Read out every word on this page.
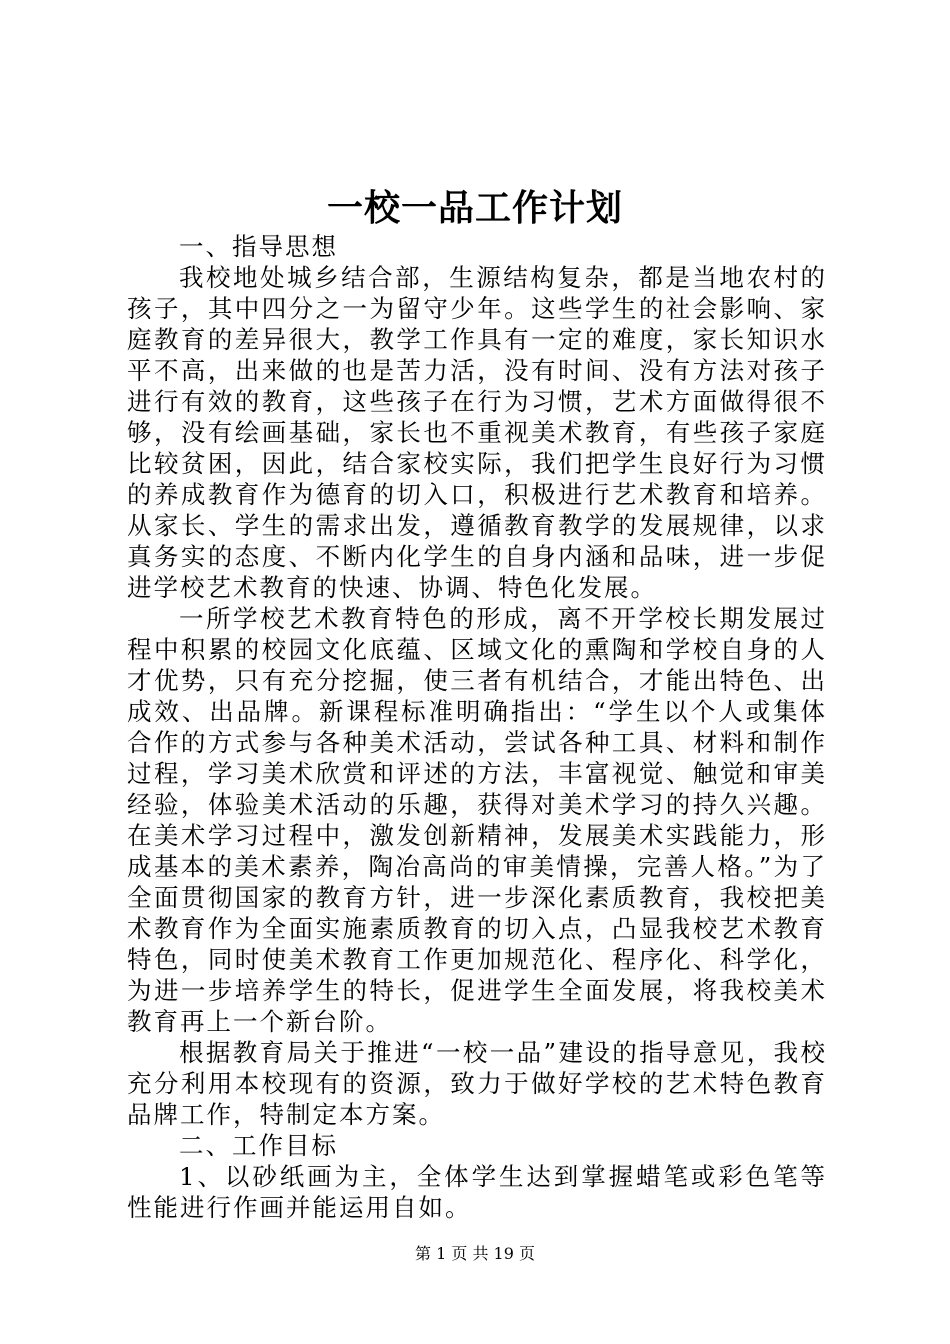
一校一品工作计划

一、指导思想

我校地处城乡结合部，生源结构复杂，都是当地农村的孩子，其中四分之一为留守少年。这些学生的社会影响、家庭教育的差异很大，教学工作具有一定的难度，家长知识水平不高，出来做的也是苦力活，没有时间、没有方法对孩子进行有效的教育，这些孩子在行为习惯，艺术方面做得很不够，没有绘画基础，家长也不重视美术教育，有些孩子家庭比较贫困，因此，结合家校实际，我们把学生良好行为习惯的养成教育作为德育的切入口，积极进行艺术教育和培养。从家长、学生的需求出发，遵循教育教学的发展规律，以求真务实的态度、不断内化学生的自身内涵和品味，进一步促进学校艺术教育的快速、协调、特色化发展。

一所学校艺术教育特色的形成，离不开学校长期发展过程中积累的校园文化底蕴、区域文化的熏陶和学校自身的人才优势，只有充分挖掘，使三者有机结合，才能出特色、出成效、出品牌。新课程标准明确指出：“学生以个人或集体合作的方式参与各种美术活动，尝试各种工具、材料和制作过程，学习美术欣赏和评述的方法，丰富视觉、触觉和审美经验，体验美术活动的乐趣，获得对美术学习的持久兴趣。在美术学习过程中，激发创新精神，发展美术实践能力，形成基本的美术素养，陶冶高尚的审美情操，完善人格。”为了全面贯彻国家的教育方针，进一步深化素质教育，我校把美术教育作为全面实施素质教育的切入点，凸显我校艺术教育特色，同时使美术教育工作更加规范化、程序化、科学化，为进一步培养学生的特长，促进学生全面发展，将我校美术教育再上一个新台阶。

根据教育局关于推进“一校一品”建设的指导意见，我校充分利用本校现有的资源，致力于做好学校的艺术特色教育品牌工作，特制定本方案。

二、工作目标

1、以砂纸画为主，全体学生达到掌握蜡笔或彩色笔等性能进行作画并能运用自如。

第 1 页 共 19 页
